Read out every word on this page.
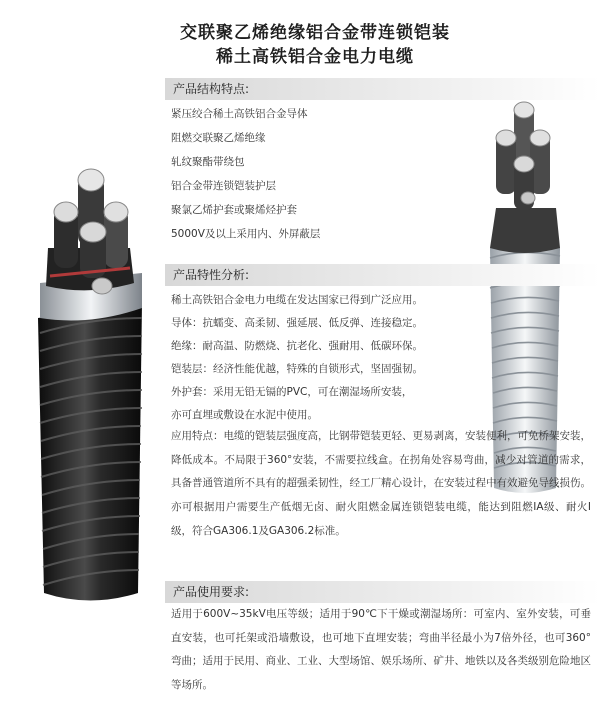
交联聚乙烯绝缘铝合金带连锁铠装
稀土高铁铝合金电力电缆
产品结构特点:
紧压绞合稀土高铁铝合金导体
阻燃交联聚乙烯绝缘
轧纹聚酯带绕包
铝合金带连锁铠装护层
聚氯乙烯护套或聚烯烃护套
5000V及以上采用内、外屏蔽层
产品特性分析:
稀土高铁铝合金电力电缆在发达国家已得到广泛应用。
导体：抗蠕变、高柔韧、强延展、低反弹、连接稳定。
绝缘：耐高温、防燃烧、抗老化、强耐用、低碳环保。
铠装层：经济性能优越，特殊的自锁形式，坚固强韧。
外护套：采用无铅无镉的PVC，可在潮湿场所安装，
亦可直埋或敷设在水泥中使用。
应用特点：电缆的铠装层强度高，比钢带铠装更轻、更易剥离，安装便利，可免桥架安装，降低成本。不局限于360°安装，不需要拉线盒。在拐角处容易弯曲，减少对管道的需求，具备普通管道所不具有的超强柔韧性，经工厂精心设计，在安装过程中有效避免导线损伤。亦可根据用户需要生产低烟无卤、耐火阻燃金属连锁铠装电缆，能达到阻燃IA级、耐火I级，符合GA306.1及GA306.2标准。
产品使用要求:
适用于600V~35kV电压等级；适用于90℃下干燥或潮湿场所：可室内、室外安装，可垂直安装，也可托架或沿墙敷设，也可地下直埋安装；弯曲半径最小为7倍外径，也可360°弯曲；适用于民用、商业、工业、大型场馆、娱乐场所、矿井、地铁以及各类级别危险地区等场所。
